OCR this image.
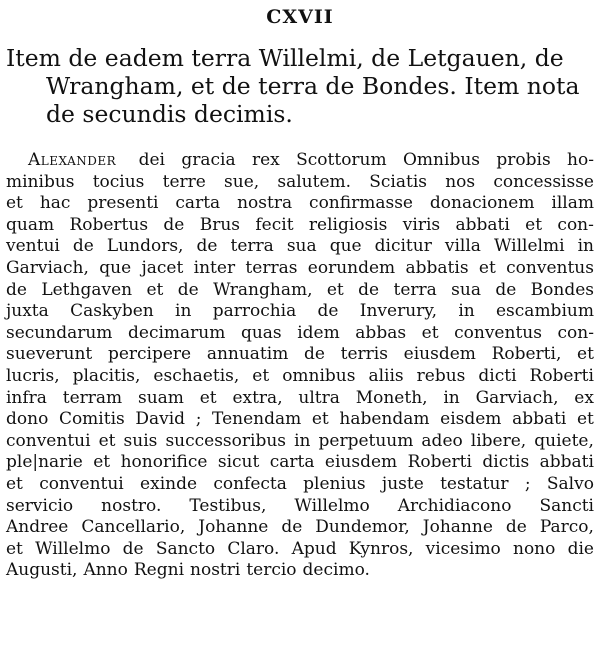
CXVII
Item de eadem terra Willelmi, de Letgauen, de
Wrangham, et de terra de Bondes. Item nota
de secundis decimis.
Alexander dei gracia rex Scottorum Omnibus probis ho-
minibus tocius terre sue, salutem. Sciatis nos concessisse
et hac presenti carta nostra confirmasse donacionem illam
quam Robertus de Brus fecit religiosis viris abbati et con-
ventui de Lundors, de terra sua que dicitur villa Willelmi in
Garviach, que jacet inter terras eorundem abbatis et conventus
de Lethgaven et de Wrangham, et de terra sua de Bondes
juxta Caskyben in parrochia de Inverury, in escambium
secundarum decimarum quas idem abbas et conventus con-
sueverunt percipere annuatim de terris eiusdem Roberti, et
lucris, placitis, eschaetis, et omnibus aliis rebus dicti Roberti
infra terram suam et extra, ultra Moneth, in Garviach, ex
dono Comitis David ; Tenendam et habendam eisdem abbati et
conventui et suis successoribus in perpetuum adeo libere, quiete,
ple|narie et honorifice sicut carta eiusdem Roberti dictis abbati
et conventui exinde confecta plenius juste testatur ; Salvo
servicio nostro. Testibus, Willelmo Archidiacono Sancti
Andree Cancellario, Johanne de Dundemor, Johanne de Parco,
et Willelmo de Sancto Claro. Apud Kynros, vicesimo nono die
Augusti, Anno Regni nostri tercio decimo.
